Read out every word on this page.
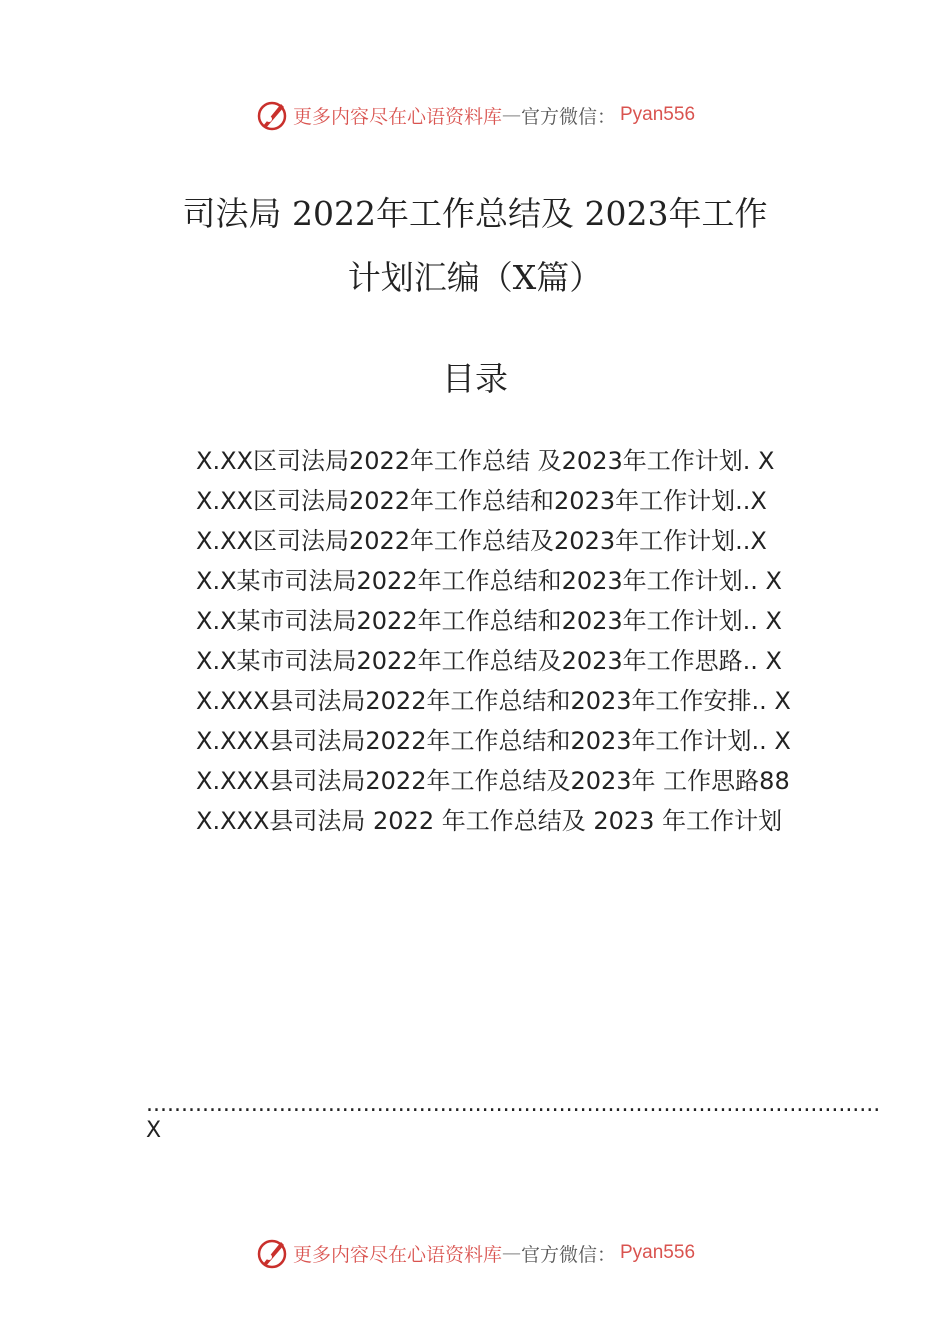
更多内容尽在心语资料库 — 官方微信： Pyan556
司法局 2022年工作总结及 2023年工作
计划汇编（X篇）
目录
X.XX区司法局2022年工作总结 及2023年工作计划. X
X.XX区司法局2022年工作总结和2023年工作计划..X
X.XX区司法局2022年工作总结及2023年工作计划..X
X.X某市司法局2022年工作总结和2023年工作计划.. X
X.X某市司法局2022年工作总结和2023年工作计划.. X
X.X某市司法局2022年工作总结及2023年工作思路.. X
X.XXX县司法局2022年工作总结和2023年工作安排.. X
X.XXX县司法局2022年工作总结和2023年工作计划.. X
X.XXX县司法局2022年工作总结及2023年 工作思路88
X.XXX县司法局 2022 年工作总结及 2023 年工作计划
......................................................................................................... X
更多内容尽在心语资料库 — 官方微信： Pyan556
